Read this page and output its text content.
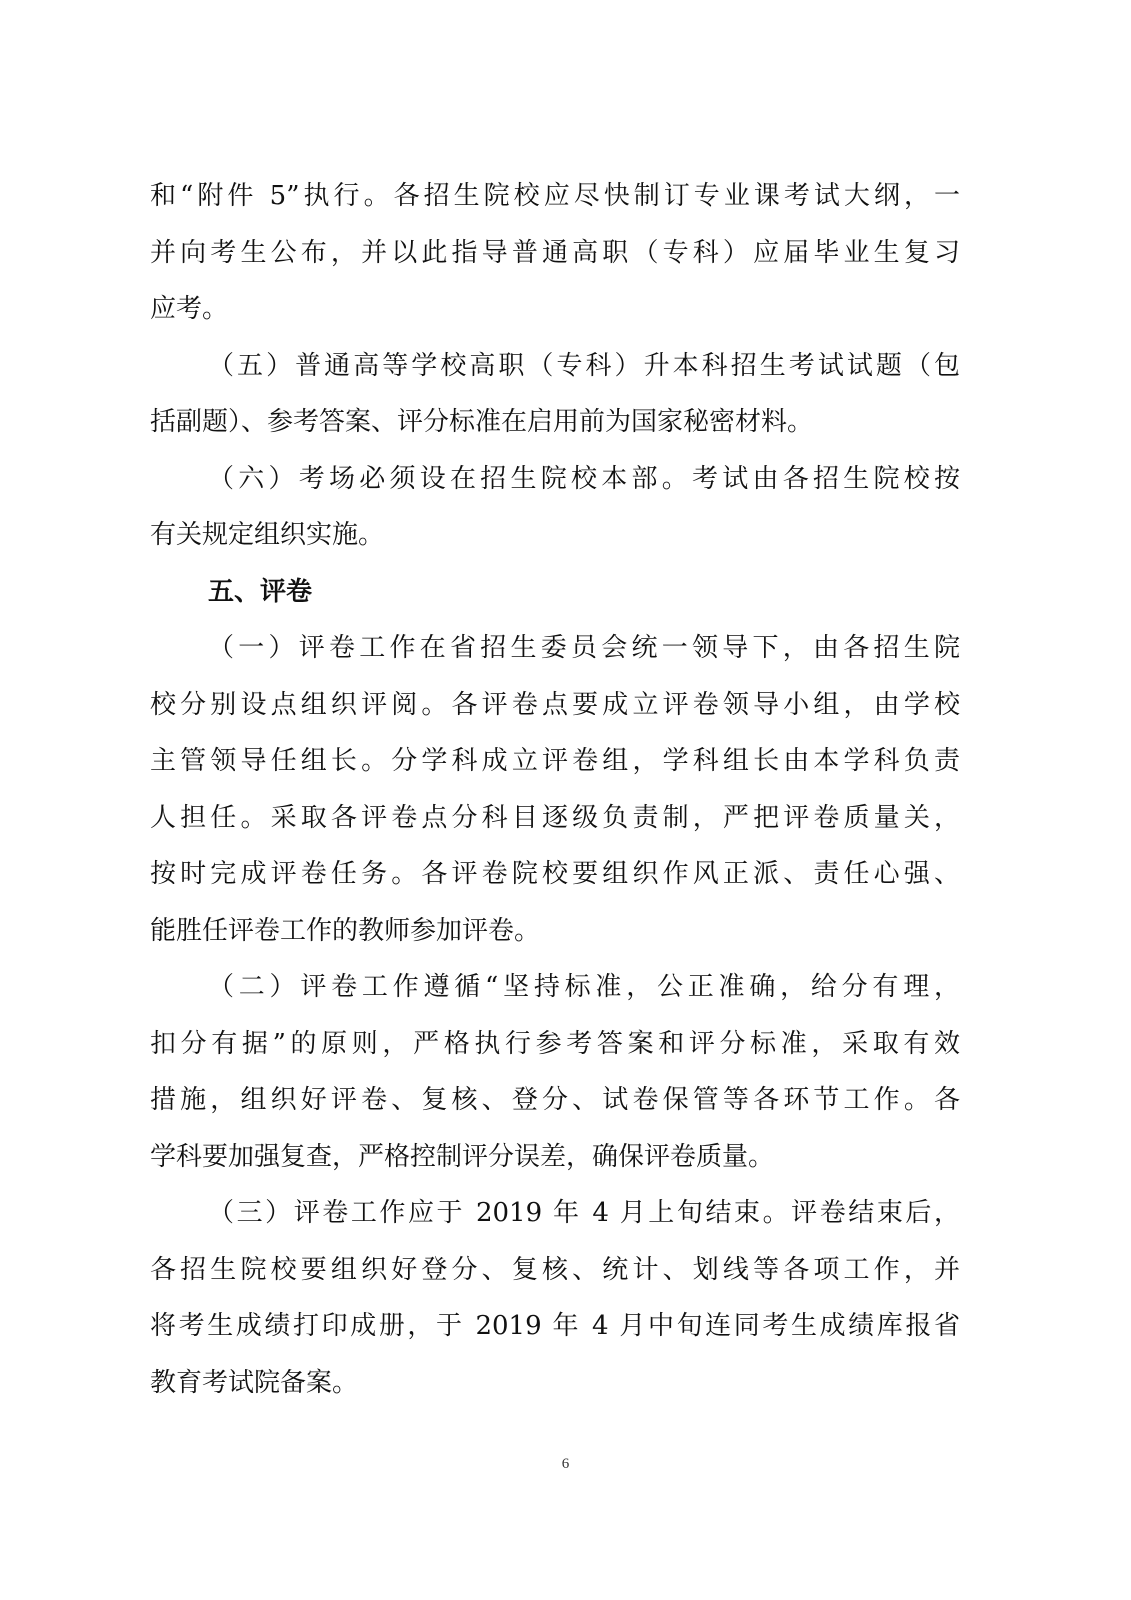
和“附件 5”执行。各招生院校应尽快制订专业课考试大纲，一
并向考生公布，并以此指导普通高职（专科）应届毕业生复习
应考。
（五）普通高等学校高职（专科）升本科招生考试试题（包
括副题）、参考答案、评分标准在启用前为国家秘密材料。
（六）考场必须设在招生院校本部。考试由各招生院校按
有关规定组织实施。
五、评卷
（一）评卷工作在省招生委员会统一领导下，由各招生院
校分别设点组织评阅。各评卷点要成立评卷领导小组，由学校
主管领导任组长。分学科成立评卷组，学科组长由本学科负责
人担任。采取各评卷点分科目逐级负责制，严把评卷质量关，
按时完成评卷任务。各评卷院校要组织作风正派、责任心强、
能胜任评卷工作的教师参加评卷。
（二）评卷工作遵循“坚持标准，公正准确，给分有理，
扣分有据”的原则，严格执行参考答案和评分标准，采取有效
措施，组织好评卷、复核、登分、试卷保管等各环节工作。各
学科要加强复查，严格控制评分误差，确保评卷质量。
（三）评卷工作应于 2019 年 4 月上旬结束。评卷结束后，
各招生院校要组织好登分、复核、统计、划线等各项工作，并
将考生成绩打印成册，于 2019 年 4 月中旬连同考生成绩库报省
教育考试院备案。
6
